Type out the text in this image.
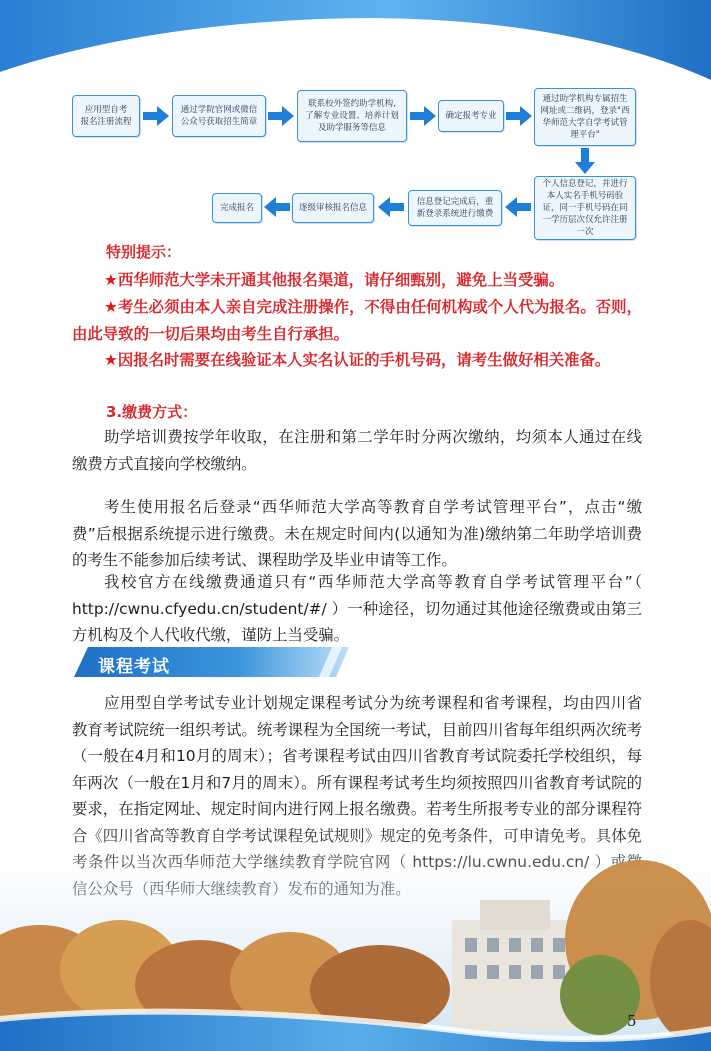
应用型自考
报名注册流程
通过学院官网或微信
公众号获取招生简章
联系校外签约助学机构,
了解专业设置、培养计划
及助学服务等信息
确定报考专业
通过助学机构专属招生
网址或二维码，登录"西
华师范大学自学考试管
理平台"
个人信息登记，并进行
本人实名手机号码验
证，同一手机号码在同
一学历层次仅允许注册
一次
信息登记完成后，重
新登录系统进行缴费
逐级审核报名信息
完成报名
特别提示：
★西华师范大学未开通其他报名渠道，请仔细甄别，避免上当受骗。
★考生必须由本人亲自完成注册操作，不得由任何机构或个人代为报名。否则，由此导致的一切后果均由考生自行承担。
★因报名时需要在线验证本人实名认证的手机号码，请考生做好相关准备。
3.缴费方式：
助学培训费按学年收取，在注册和第二学年时分两次缴纳，均须本人通过在线缴费方式直接向学校缴纳。
考生使用报名后登录“西华师范大学高等教育自学考试管理平台”，点击“缴费”后根据系统提示进行缴费。未在规定时间内(以通知为准)缴纳第二年助学培训费的考生不能参加后续考试、课程助学及毕业申请等工作。
我校官方在线缴费通道只有“西华师范大学高等教育自学考试管理平台”（ http://cwnu.cfyedu.cn/student/#/ ）一种途径，切勿通过其他途径缴费或由第三方机构及个人代收代缴，谨防上当受骗。
课程考试
应用型自学考试专业计划规定课程考试分为统考课程和省考课程，均由四川省教育考试院统一组织考试。统考课程为全国统一考试，目前四川省每年组织两次统考（一般在4月和10月的周末）；省考课程考试由四川省教育考试院委托学校组织，每年两次（一般在1月和7月的周末）。所有课程考试考生均须按照四川省教育考试院的要求，在指定网址、规定时间内进行网上报名缴费。若考生所报考专业的部分课程符
5
